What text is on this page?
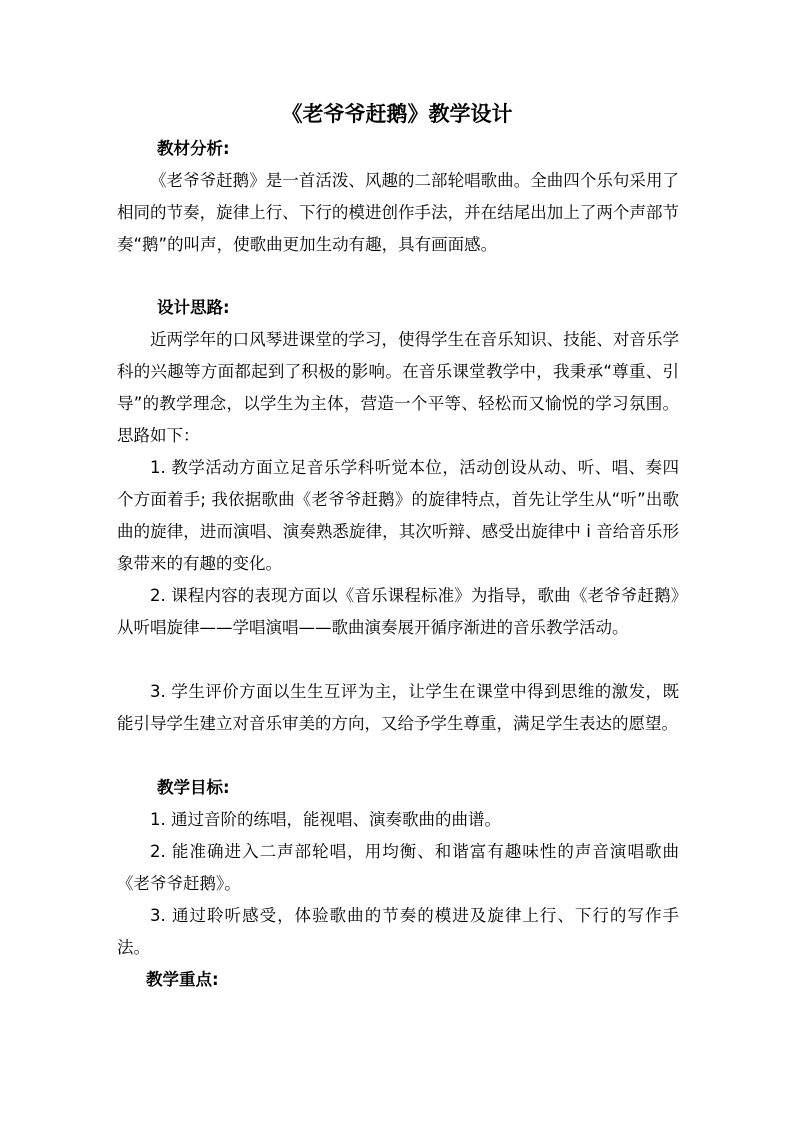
《老爷爷赶鹅》教学设计
教材分析:

《老爷爷赶鹅》是一首活泼、风趣的二部轮唱歌曲。全曲四个乐句采用了相同的节奏，旋律上行、下行的模进创作手法，并在结尾出加上了两个声部节奏“鹅”的叫声，使歌曲更加生动有趣，具有画面感。

设计思路:

近两学年的口风琴进课堂的学习，使得学生在音乐知识、技能、对音乐学科的兴趣等方面都起到了积极的影响。在音乐课堂教学中，我秉承“尊重、引导”的教学理念，以学生为主体，营造一个平等、轻松而又愉悦的学习氛围。思路如下：

1. 教学活动方面立足音乐学科听觉本位，活动创设从动、听、唱、奏四个方面着手; 我依据歌曲《老爷爷赶鹅》的旋律特点，首先让学生从“听”出歌曲的旋律，进而演唱、演奏熟悉旋律，其次听辩、感受出旋律中 i 音给音乐形象带来的有趣的变化。

2. 课程内容的表现方面以《音乐课程标准》为指导，歌曲《老爷爷赶鹅》从听唱旋律——学唱演唱——歌曲演奏展开循序渐进的音乐教学活动。

3. 学生评价方面以生生互评为主，让学生在课堂中得到思维的激发，既能引导学生建立对音乐审美的方向，又给予学生尊重，满足学生表达的愿望。

教学目标:

1. 通过音阶的练唱，能视唱、演奏歌曲的曲谱。

2. 能准确进入二声部轮唱，用均衡、和谐富有趣味性的声音演唱歌曲《老爷爷赶鹅》。

3. 通过聆听感受，体验歌曲的节奏的模进及旋律上行、下行的写作手法。

教学重点:
